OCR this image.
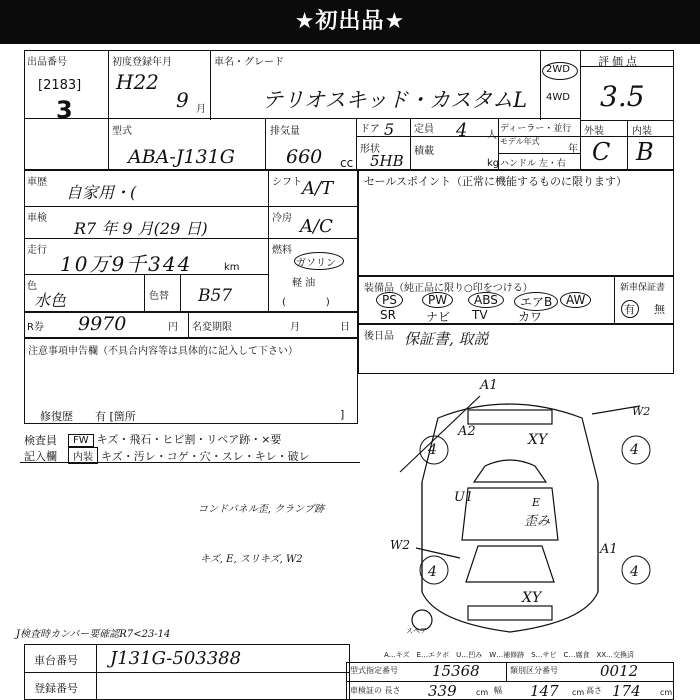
★初出品★
出品番号
[2183]
3
初度登録年月
H22
9 月
車名・グレード
テリオスキッド・カスタムL
2WD
4WD
評価点
3.5
型式
ABA-J131G
排気量
660 cc
ドア 5 定員 4 人
形状
5HB
積載
kg
ディーラー・並行
モデル年式
年
ハンドル 左・右
外装	内装
C B
車歴
自家用・(
シフト A/T
車検
R7 年 9 月(29 日)
冷房 A/C
走行
10万9千344	km
燃料
ガソリン
軽 油
(　　　　)
色
水色	色替 B57
R券 9970	円 名変期限	月	日
注意事項申告欄（不具合内容等は具体的に記入して下さい）
修復歴　　有 [箇所	]
セールスポイント（正常に機能するものに限ります）
装備品（純正品に限り○印をつける）
PS	PW	ABS	エアB	AW
SR	ナビ TV	カワ
新車保証書
有 無
後日品 保証書, 取説
検査員
記入欄
FW キズ・飛石・ヒビ割・リペア跡・×要
内装 キズ・汚レ・コゲ・穴・スレ・キレ・破レ
コンドパネル歪, クランプ跡
キズ, E, スリキズ, W2
J検査時カンバー要確認R7<23-14
A1
W2
A2
XY
U1	E
歪み
A1
W2
XY
4	4
4	4
スペア
A…キズ　E…エクボ　U…凹み　W…補修跡　S…サビ　C…腐食　XX…交換済
車台番号 J131G-503388
登録番号
型式指定番号 15368	類別区分番号	0012
車検証の 長さ 339 cm 幅 147 cm 高さ 174 cm
